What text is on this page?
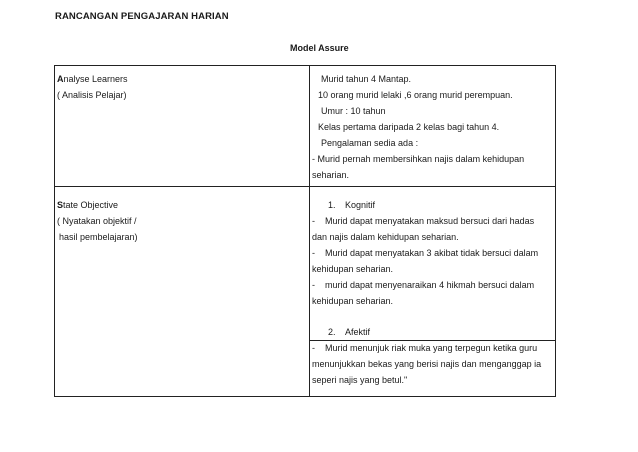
RANCANGAN PENGAJARAN HARIAN
Model Assure
Analyse Learners
( Analisis Pelajar)
Murid tahun 4 Mantap.
10 orang murid lelaki ,6 orang murid perempuan.
Umur : 10 tahun
Kelas pertama daripada 2 kelas bagi tahun 4.
Pengalaman sedia ada :
- Murid pernah membersihkan najis dalam kehidupan
seharian.
State Objective
( Nyatakan objektif /
hasil pembelajaran)
1. Kognitif
- Murid dapat menyatakan maksud bersuci dari hadas
dan najis dalam kehidupan seharian.
- Murid dapat menyatakan 3 akibat tidak bersuci dalam
kehidupan seharian.
- murid dapat menyenaraikan 4 hikmah bersuci dalam
kehidupan seharian.
2. Afektif
- Murid menunjuk riak muka yang terpegun ketika guru
menunjukkan bekas yang berisi najis dan menganggap ia
seperi najis yang betul."
